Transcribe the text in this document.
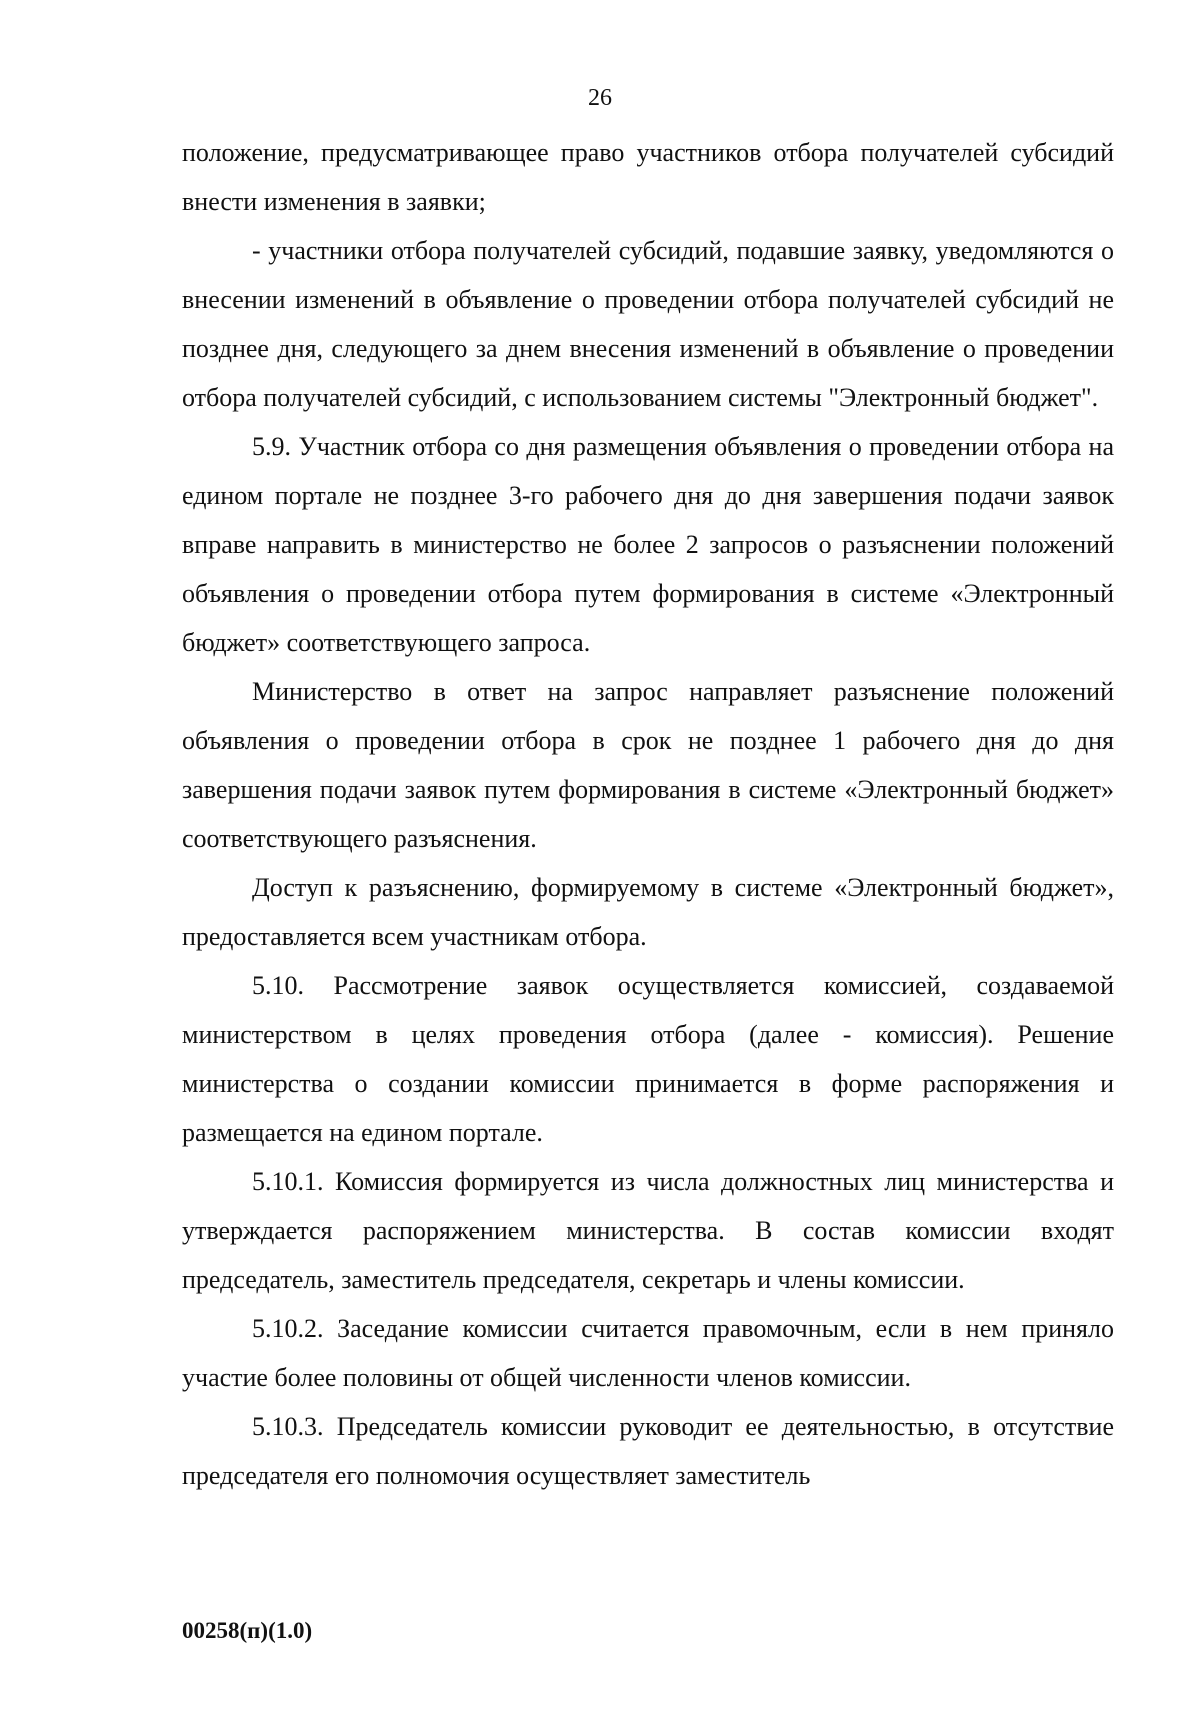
26

положение, предусматривающее право участников отбора получателей субсидий внести изменения в заявки;

- участники отбора получателей субсидий, подавшие заявку, уведомляются о внесении изменений в объявление о проведении отбора получателей субсидий не позднее дня, следующего за днем внесения изменений в объявление о проведении отбора получателей субсидий, с использованием системы "Электронный бюджет".

5.9. Участник отбора со дня размещения объявления о проведении отбора на едином портале не позднее 3-го рабочего дня до дня завершения подачи заявок вправе направить в министерство не более 2 запросов о разъяснении положений объявления о проведении отбора путем формирования в системе «Электронный бюджет» соответствующего запроса.

Министерство в ответ на запрос направляет разъяснение положений объявления о проведении отбора в срок не позднее 1 рабочего дня до дня завершения подачи заявок путем формирования в системе «Электронный бюджет» соответствующего разъяснения.

Доступ к разъяснению, формируемому в системе «Электронный бюджет», предоставляется всем участникам отбора.

5.10. Рассмотрение заявок осуществляется комиссией, создаваемой министерством в целях проведения отбора (далее - комиссия). Решение министерства о создании комиссии принимается в форме распоряжения и размещается на едином портале.

5.10.1. Комиссия формируется из числа должностных лиц министерства и утверждается распоряжением министерства. В состав комиссии входят председатель, заместитель председателя, секретарь и члены комиссии.

5.10.2. Заседание комиссии считается правомочным, если в нем приняло участие более половины от общей численности членов комиссии.

5.10.3. Председатель комиссии руководит ее деятельностью, в отсутствие председателя его полномочия осуществляет заместитель

00258(п)(1.0)
